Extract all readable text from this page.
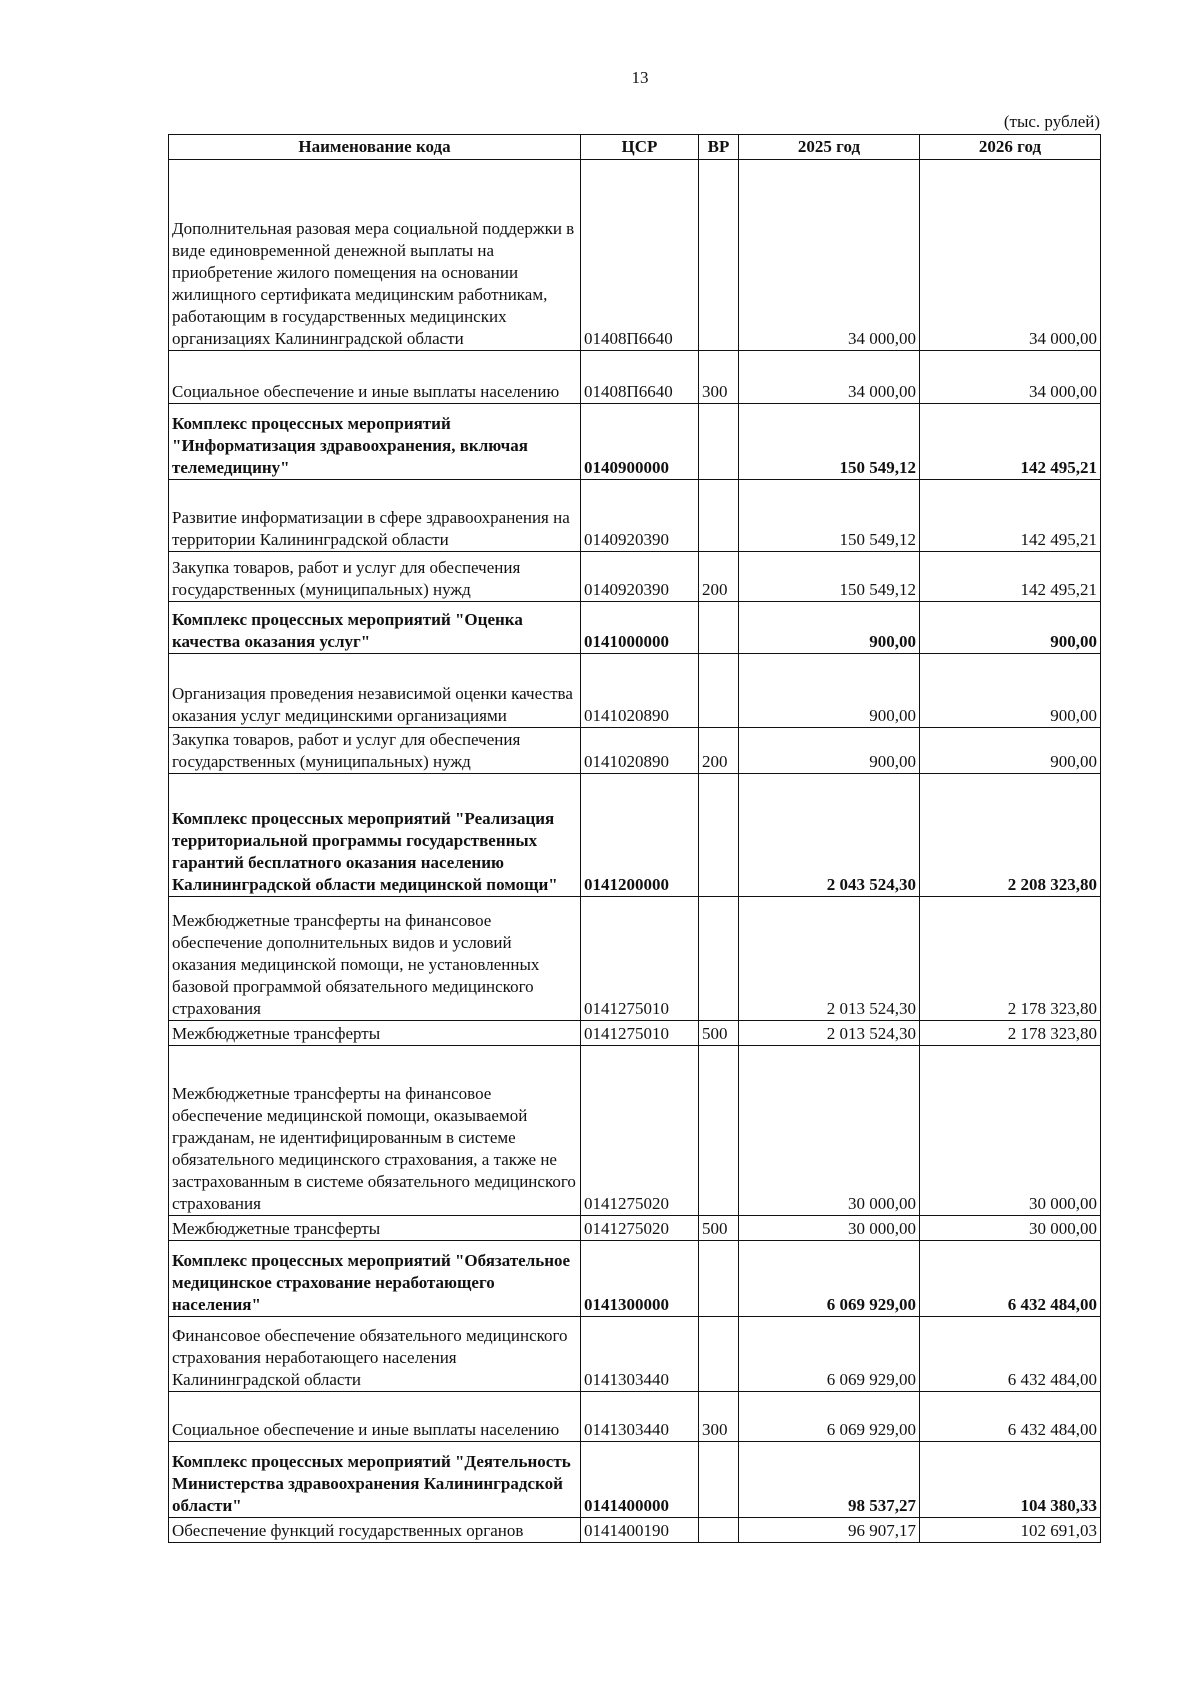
13
(тыс. рублей)
Наименование кода	ЦСР	ВР	2025 год	2026 год
Дополнительная разовая мера социальной поддержки в виде единовременной денежной выплаты на приобретение жилого помещения на основании жилищного сертификата медицинским работникам, работающим в государственных медицинских организациях Калининградской области	01408П6640		34 000,00	34 000,00
Социальное обеспечение и иные выплаты населению	01408П6640	300	34 000,00	34 000,00
Комплекс процессных мероприятий "Информатизация здравоохранения, включая телемедицину"	0140900000		150 549,12	142 495,21
Развитие информатизации в сфере здравоохранения на территории Калининградской области	0140920390		150 549,12	142 495,21
Закупка товаров, работ и услуг для обеспечения государственных (муниципальных) нужд	0140920390	200	150 549,12	142 495,21
Комплекс процессных мероприятий "Оценка качества оказания услуг"	0141000000		900,00	900,00
Организация проведения независимой оценки качества оказания услуг медицинскими организациями	0141020890		900,00	900,00
Закупка товаров, работ и услуг для обеспечения государственных (муниципальных) нужд	0141020890	200	900,00	900,00
Комплекс процессных мероприятий "Реализация территориальной программы государственных гарантий бесплатного оказания населению Калининградской области медицинской помощи"	0141200000		2 043 524,30	2 208 323,80
Межбюджетные трансферты на финансовое обеспечение дополнительных видов и условий оказания медицинской помощи, не установленных базовой программой обязательного медицинского страхования	0141275010		2 013 524,30	2 178 323,80
Межбюджетные трансферты	0141275010	500	2 013 524,30	2 178 323,80
Межбюджетные трансферты на финансовое обеспечение медицинской помощи, оказываемой гражданам, не идентифицированным в системе обязательного медицинского страхования, а также не застрахованным в системе обязательного медицинского страхования	0141275020		30 000,00	30 000,00
Межбюджетные трансферты	0141275020	500	30 000,00	30 000,00
Комплекс процессных мероприятий "Обязательное медицинское страхование неработающего населения"	0141300000		6 069 929,00	6 432 484,00
Финансовое обеспечение обязательного медицинского страхования неработающего населения Калининградской области	0141303440		6 069 929,00	6 432 484,00
Социальное обеспечение и иные выплаты населению	0141303440	300	6 069 929,00	6 432 484,00
Комплекс процессных мероприятий "Деятельность Министерства здравоохранения Калининградской области"	0141400000		98 537,27	104 380,33
Обеспечение функций государственных органов	0141400190		96 907,17	102 691,03
